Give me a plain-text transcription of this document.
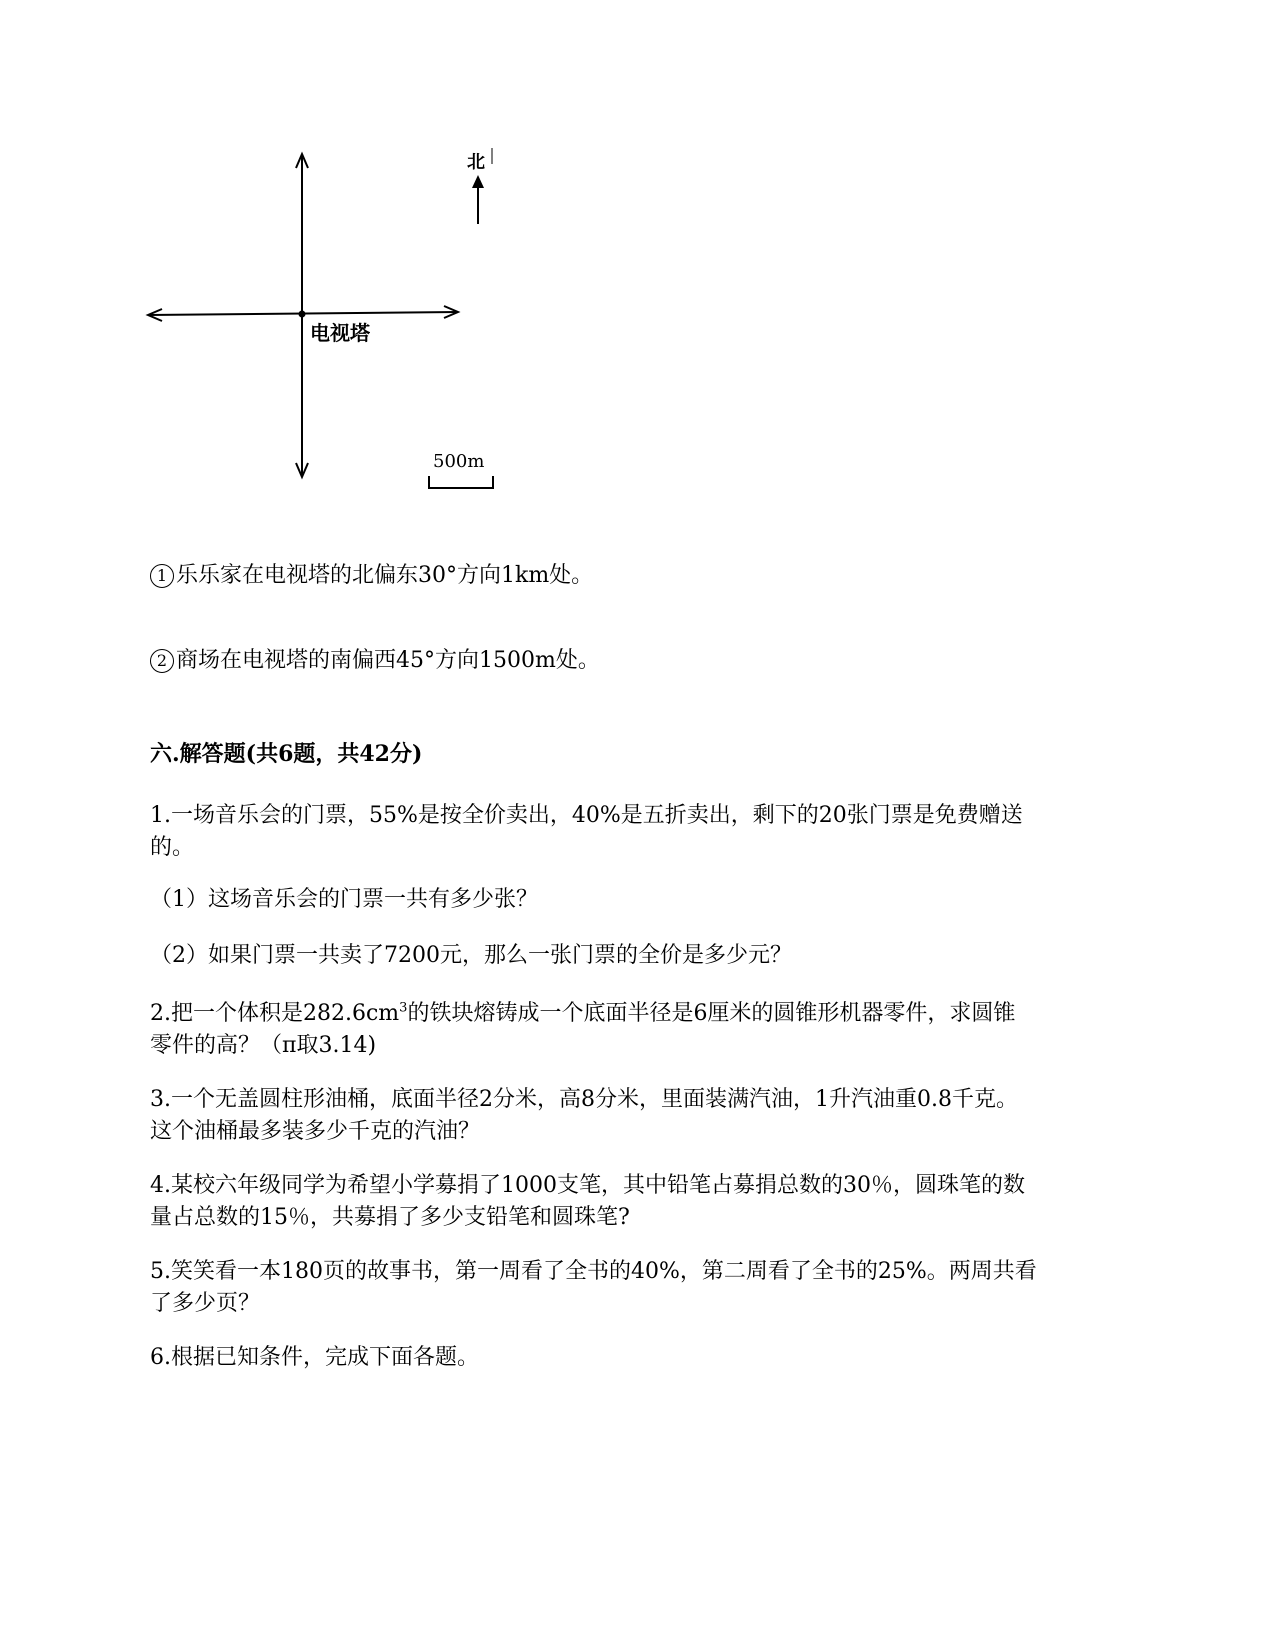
电视塔
北
500m
1 乐乐家在电视塔的北偏东30°方向1km处。
2 商场在电视塔的南偏西45°方向1500m处。
六.解答题(共6题，共42分)
1.一场音乐会的门票，55%是按全价卖出，40%是五折卖出，剩下的20张门票是免费赠送
的。
（1）这场音乐会的门票一共有多少张？
（2）如果门票一共卖了7200元，那么一张门票的全价是多少元？
2.把一个体积是$282.6cm^3$的铁块熔铸成一个底面半径是6厘米的圆锥形机器零件，求圆锥
零件的高？（π取3.14)
3.一个无盖圆柱形油桶，底面半径2分米，高8分米，里面装满汽油，1升汽油重0.8千克。
这个油桶最多装多少千克的汽油？
4.某校六年级同学为希望小学募捐了1000支笔，其中铅笔占募捐总数的30％，圆珠笔的数
量占总数的15％，共募捐了多少支铅笔和圆珠笔?
5.笑笑看一本180页的故事书，第一周看了全书的40%，第二周看了全书的25%。两周共看
了多少页？
6.根据已知条件，完成下面各题。
